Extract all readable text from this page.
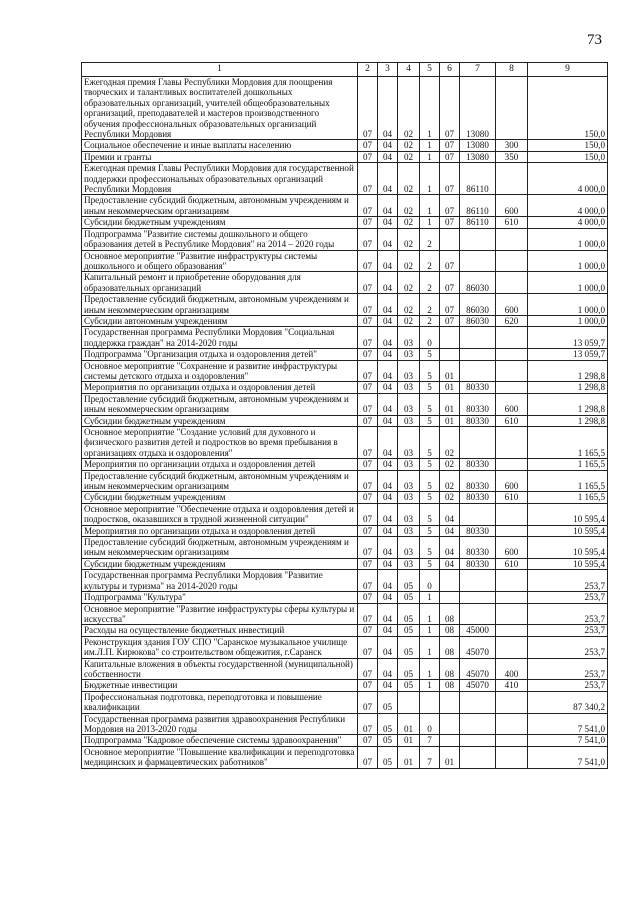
73
1	2	3	4	5	6	7	8	9
Ежегодная премия Главы Республики Мордовия для поощрения творческих и талантливых воспитателей дошкольных образовательных организаций, учителей общеобразовательных организаций, преподавателей и мастеров производственного обучения профессиональных образовательных организаций Республики Мордовия	07	04	02	1	07	13080		150,0
Социальное обеспечение и иные выплаты населению	07	04	02	1	07	13080	300	150,0
Премии и гранты	07	04	02	1	07	13080	350	150,0
Ежегодная премия Главы Республики Мордовия для государственной поддержки профессиональных образовательных организаций Республики Мордовия	07	04	02	1	07	86110		4 000,0
Предоставление субсидий бюджетным, автономным учреждениям и иным некоммерческим организациям	07	04	02	1	07	86110	600	4 000,0
Субсидии бюджетным учреждениям	07	04	02	1	07	86110	610	4 000,0
Подпрограмма "Развитие системы дошкольного и общего образования детей в Республике Мордовия" на 2014 – 2020 годы	07	04	02	2				1 000,0
Основное мероприятие "Развитие инфраструктуры системы дошкольного и общего образования"	07	04	02	2	07			1 000,0
Капитальный ремонт и приобретение оборудования для образовательных организаций	07	04	02	2	07	86030		1 000,0
Предоставление субсидий бюджетным, автономным учреждениям и иным некоммерческим организациям	07	04	02	2	07	86030	600	1 000,0
Субсидии автономным учреждениям	07	04	02	2	07	86030	620	1 000,0
Государственная программа Республики Мордовия "Социальная поддержка граждан" на 2014-2020 годы	07	04	03	0				13 059,7
Подпрограмма "Организация отдыха и оздоровления детей"	07	04	03	5				13 059,7
Основное мероприятие "Сохранение и развитие инфраструктуры системы детского отдыха и оздоровления"	07	04	03	5	01			1 298,8
Мероприятия по организации отдыха и оздоровления детей	07	04	03	5	01	80330		1 298,8
Предоставление субсидий бюджетным, автономным учреждениям и иным некоммерческим организациям	07	04	03	5	01	80330	600	1 298,8
Субсидии бюджетным учреждениям	07	04	03	5	01	80330	610	1 298,8
Основное мероприятие "Создание условий для духовного и физического развития детей и подростков во время пребывания в организациях отдыха и оздоровления"	07	04	03	5	02			1 165,5
Мероприятия по организации отдыха и оздоровления детей	07	04	03	5	02	80330		1 165,5
Предоставление субсидий бюджетным, автономным учреждениям и иным некоммерческим организациям	07	04	03	5	02	80330	600	1 165,5
Субсидии бюджетным учреждениям	07	04	03	5	02	80330	610	1 165,5
Основное мероприятие "Обеспечение отдыха и оздоровления детей и подростков, оказавшихся в трудной жизненной ситуации"	07	04	03	5	04			10 595,4
Мероприятия по организации отдыха и оздоровления детей	07	04	03	5	04	80330		10 595,4
Предоставление субсидий бюджетным, автономным учреждениям и иным некоммерческим организациям	07	04	03	5	04	80330	600	10 595,4
Субсидии бюджетным учреждениям	07	04	03	5	04	80330	610	10 595,4
Государственная программа Республики Мордовия "Развитие культуры и туризма" на 2014-2020 годы	07	04	05	0				253,7
Подпрограмма "Культура"	07	04	05	1				253,7
Основное мероприятие "Развитие инфраструктуры сферы культуры и искусства"	07	04	05	1	08			253,7
Расходы на осуществление бюджетных инвестиций	07	04	05	1	08	45000		253,7
Реконструкция здания ГОУ СПО "Саранское музыкальное училище им.Л.П. Кирюкова" со строительством общежития, г.Саранск	07	04	05	1	08	45070		253,7
Капитальные вложения в объекты государственной (муниципальной) собственности	07	04	05	1	08	45070	400	253,7
Бюджетные инвестиции	07	04	05	1	08	45070	410	253,7
Профессиональная подготовка, переподготовка и повышение квалификации	07	05						87 340,2
Государственная программа развития здравоохранения Республики Мордовия на 2013-2020 годы	07	05	01	0				7 541,0
Подпрограмма "Кадровое обеспечение системы здравоохранения"	07	05	01	7				7 541,0
Основное мероприятие "Повышение квалификации и переподготовка медицинских и фармацевтических работников"	07	05	01	7	01			7 541,0
